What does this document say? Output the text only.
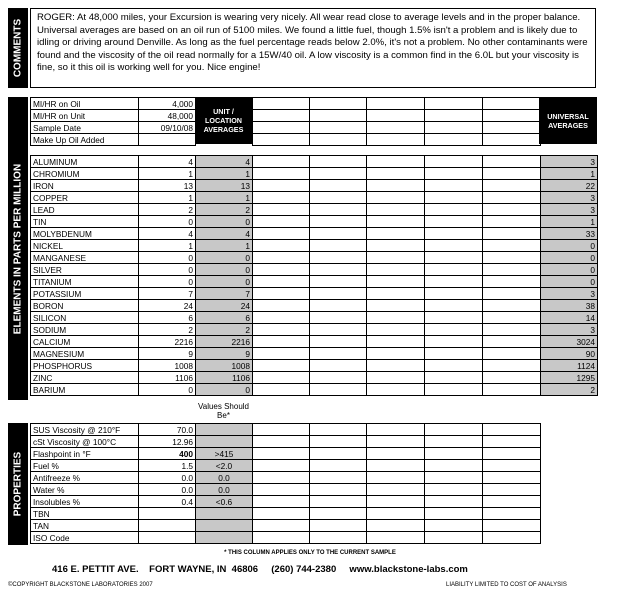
COMMENTS
ROGER: At 48,000 miles, your Excursion is wearing very nicely. All wear read close to average levels and in the proper balance. Universal averages are based on an oil run of 5100 miles. We found a little fuel, though 1.5% isn't a problem and is likely due to idling or driving around Denville. As long as the fuel percentage reads below 2.0%, it's not a problem. No other contaminants were found and the viscosity of the oil read normally for a 15W/40 oil. A low viscosity is a common find in the 6.0L but your viscosity is fine, so it this oil is working well for you. Nice engine!
ELEMENTS IN PARTS PER MILLION
UNIT / LOCATION AVERAGES
UNIVERSAL AVERAGES
MI/HR on Oil	4,000						
MI/HR on Unit	48,000						
Sample Date	09/10/08						
Make Up Oil Added							
ALUMINUM	4	4						3
CHROMIUM	1	1						1
IRON	13	13						22
COPPER	1	1						3
LEAD	2	2						3
TIN	0	0						1
MOLYBDENUM	4	4						33
NICKEL	1	1						0
MANGANESE	0	0						0
SILVER	0	0						0
TITANIUM	0	0						0
POTASSIUM	7	7						3
BORON	24	24						38
SILICON	6	6						14
SODIUM	2	2						3
CALCIUM	2216	2216						3024
MAGNESIUM	9	9						90
PHOSPHORUS	1008	1008						1124
ZINC	1106	1106						1295
BARIUM	0	0						2
Values Should Be*
PROPERTIES
SUS Viscosity @ 210°F	70.0						
cSt Viscosity @ 100°C	12.96						
Flashpoint in °F	400	>415					
Fuel %	1.5	<2.0					
Antifreeze %	0.0	0.0					
Water %	0.0	0.0					
Insolubles %	0.4	<0.6					
TBN							
TAN							
ISO Code							
* THIS COLUMN APPLIES ONLY TO THE CURRENT SAMPLE
416 E. PETTIT AVE.    FORT WAYNE, IN  46806     (260) 744-2380     www.blackstone-labs.com
©COPYRIGHT BLACKSTONE LABORATORIES 2007	LIABILITY LIMITED TO COST OF ANALYSIS
